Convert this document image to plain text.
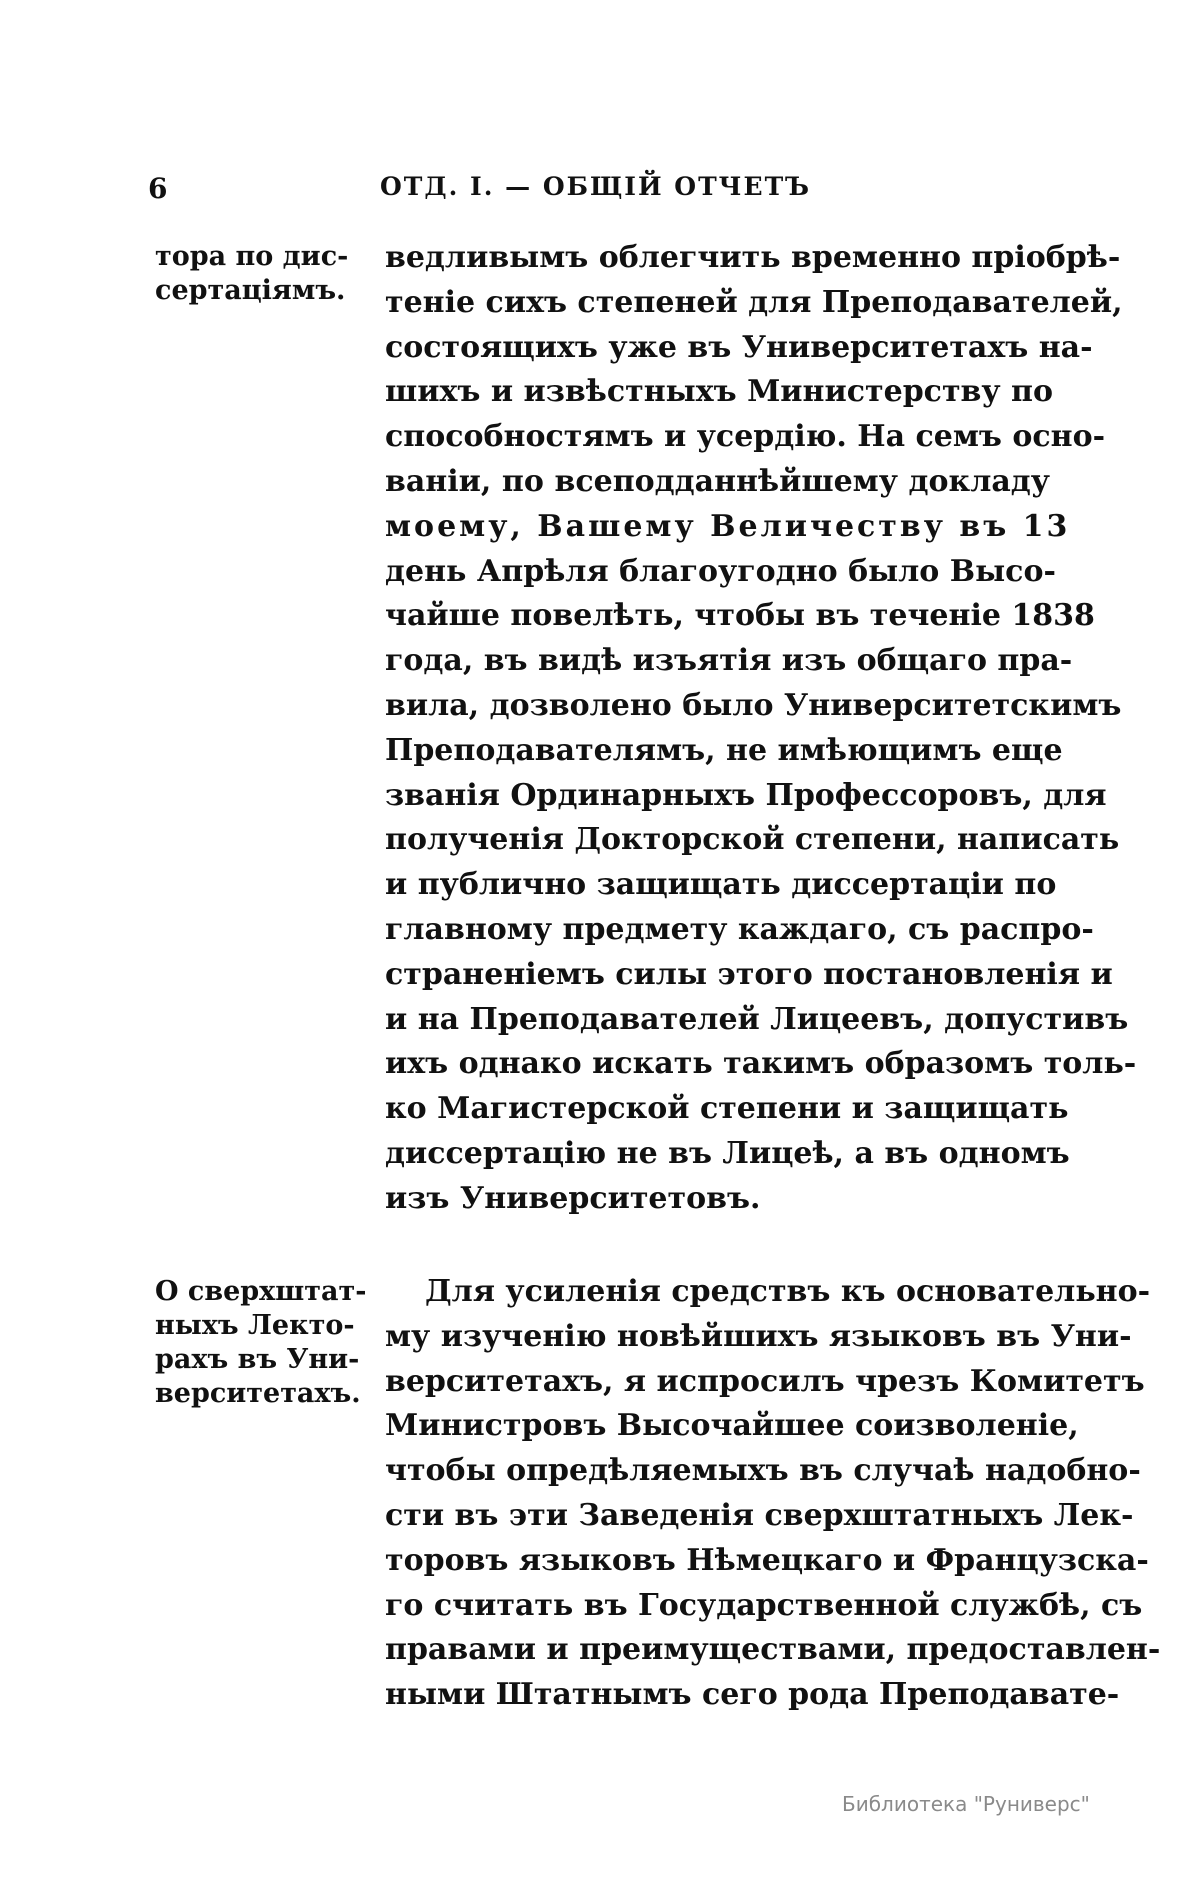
6	ОТД. I. — ОБЩІЙ ОТЧЕТЪ
тора по дис-
сертаціямъ.
ведливымъ облегчить временно пріобрѣ-
теніе сихъ степеней для Преподавателей,
состоящихъ уже въ Университетахъ на-
шихъ и извѣстныхъ Министерству по
способностямъ и усердію. На семъ осно-
ваніи, по всеподданнѣйшему докладу
моему, Вашему Величеству въ 13
день Апрѣля благоугодно было Высо-
чайше повелѣть, чтобы въ теченіе 1838
года, въ видѣ изъятія изъ общаго пра-
вила, дозволено было Университетскимъ
Преподавателямъ, не имѣющимъ еще
званія Ординарныхъ Профессоровъ, для
полученія Докторской степени, написать
и публично защищать диссертаціи по
главному предмету каждаго, съ распро-
страненіемъ силы этого постановленія и
и на Преподавателей Лицеевъ, допустивъ
ихъ однако искать такимъ образомъ толь-
ко Магистерской степени и защищать
диссертацію не въ Лицеѣ, а въ одномъ
изъ Университетовъ.
О сверхштат-
ныхъ Лекто-
рахъ въ Уни-
верситетахъ.
Для усиленія средствъ къ основательно-
му изученію новѣйшихъ языковъ въ Уни-
верситетахъ, я испросилъ чрезъ Комитетъ
Министровъ Высочайшее соизволеніе,
чтобы опредѣляемыхъ въ случаѣ надобно-
сти въ эти Заведенія сверхштатныхъ Лек-
торовъ языковъ Нѣмецкаго и Французска-
го считать въ Государственной службѣ, съ
правами и преимуществами, предоставлен-
ными Штатнымъ сего рода Преподавате-
Библиотека "Руниверс"
